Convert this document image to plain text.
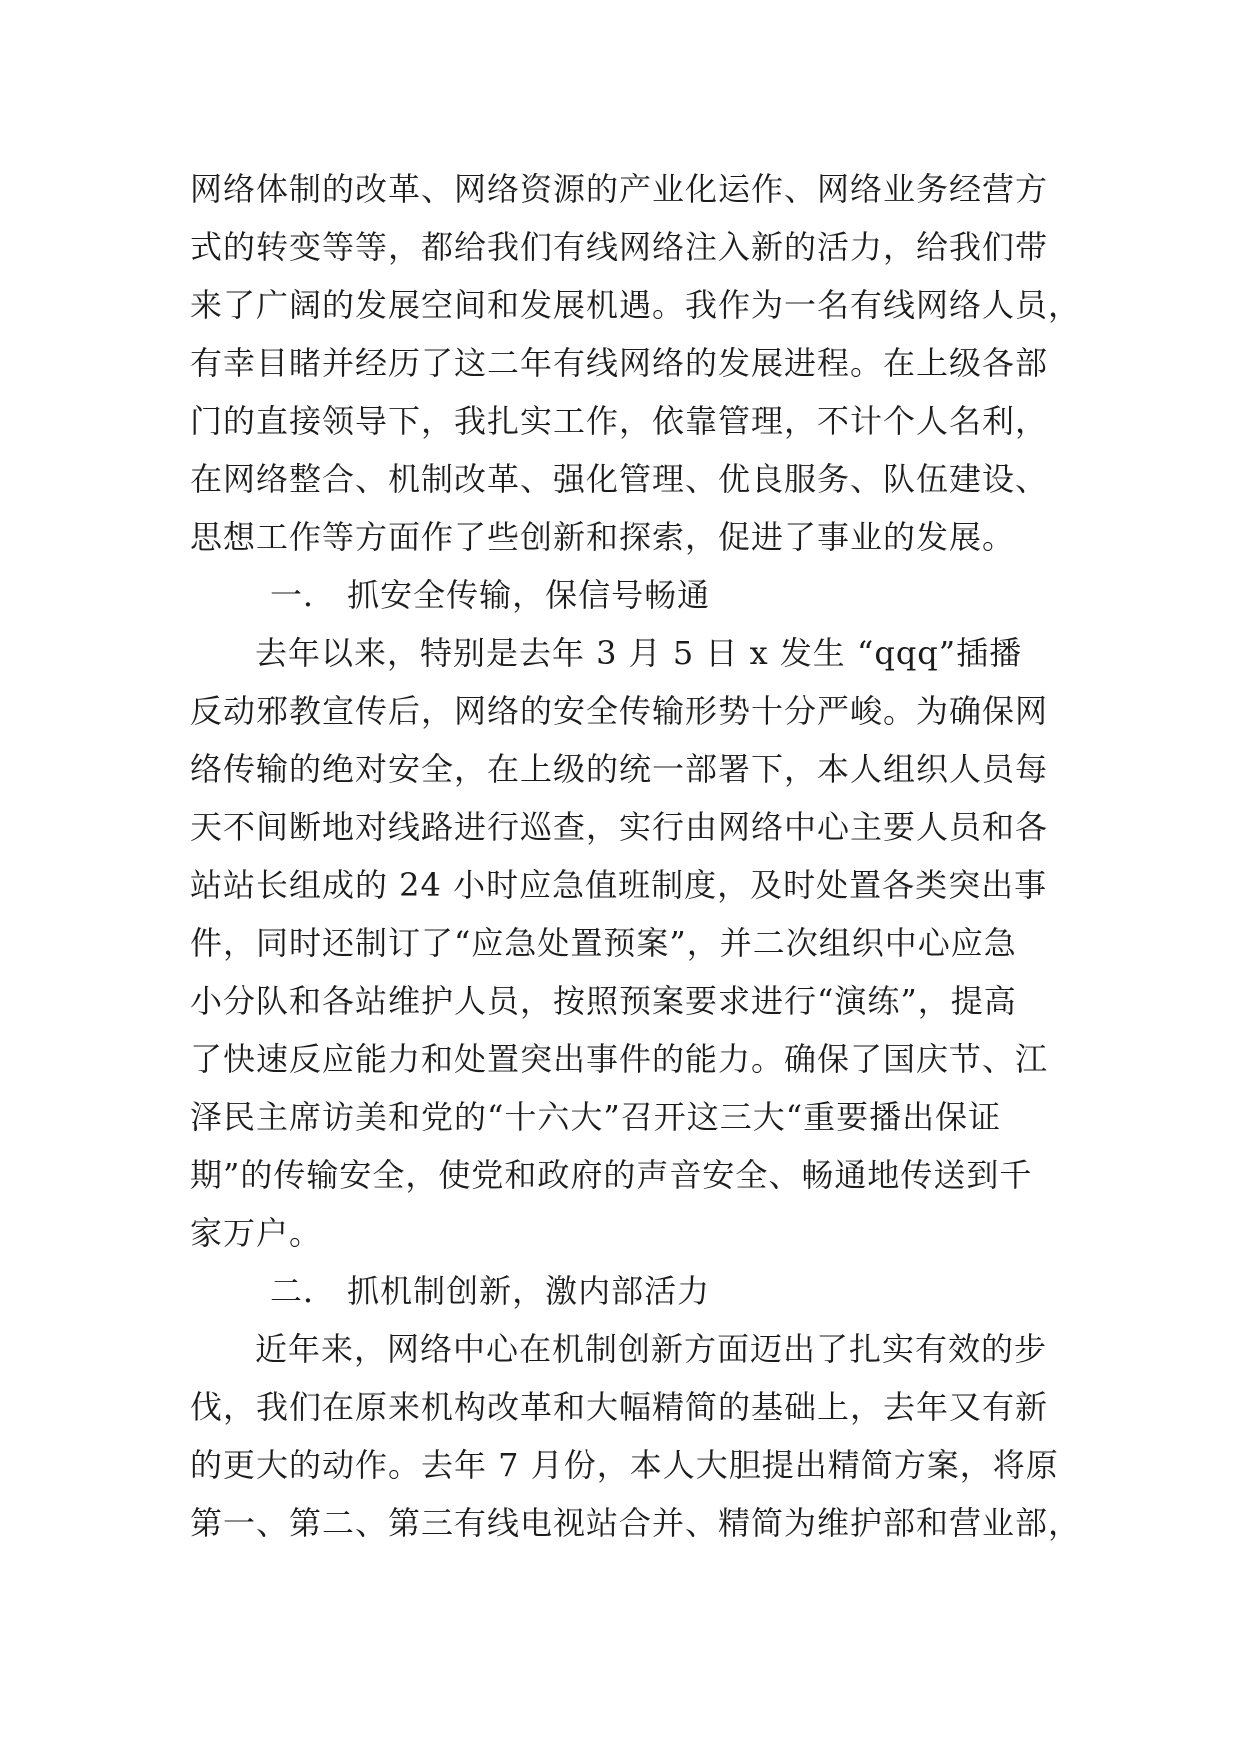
网络体制的改革、网络资源的产业化运作、网络业务经营方
式的转变等等，都给我们有线网络注入新的活力，给我们带
来了广阔的发展空间和发展机遇。我作为一名有线网络人员，
有幸目睹并经历了这二年有线网络的发展进程。在上级各部
门的直接领导下，我扎实工作，依靠管理，不计个人名利，
在网络整合、机制改革、强化管理、优良服务、队伍建设、
思想工作等方面作了些创新和探索，促进了事业的发展。
一． 抓安全传输，保信号畅通
去年以来，特别是去年 3 月 5 日 x 发生 “qqq”插播
反动邪教宣传后，网络的安全传输形势十分严峻。为确保网
络传输的绝对安全，在上级的统一部署下，本人组织人员每
天不间断地对线路进行巡查，实行由网络中心主要人员和各
站站长组成的 24 小时应急值班制度，及时处置各类突出事
件，同时还制订了“应急处置预案”，并二次组织中心应急
小分队和各站维护人员，按照预案要求进行“演练”，提高
了快速反应能力和处置突出事件的能力。确保了国庆节、江
泽民主席访美和党的“十六大”召开这三大“重要播出保证
期”的传输安全，使党和政府的声音安全、畅通地传送到千
家万户。
二． 抓机制创新，激内部活力
近年来，网络中心在机制创新方面迈出了扎实有效的步
伐，我们在原来机构改革和大幅精简的基础上，去年又有新
的更大的动作。去年 7 月份，本人大胆提出精简方案，将原
第一、第二、第三有线电视站合并、精简为维护部和营业部，
